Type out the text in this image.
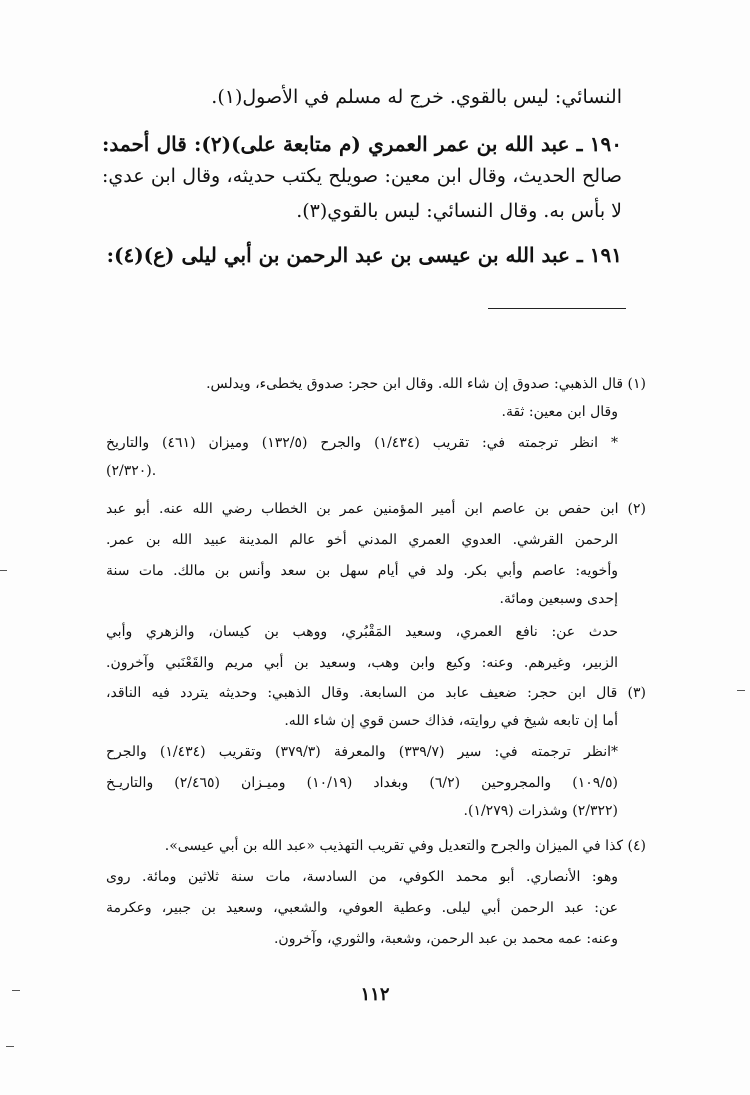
النسائي: ليس بالقوي. خرج له مسلم في الأصول(١).
١٩٠ ـ عبد الله بن عمر العمري (م متابعة على)(٢): قال أحمد:
صالح الحديث، وقال ابن معين: صويلح يكتب حديثه، وقال ابن عدي:
لا بأس به. وقال النسائي: ليس بالقوي(٣).
١٩١ ـ عبد الله بن عيسى بن عبد الرحمن بن أبي ليلى (ع)(٤):
(١) قال الذهبي: صدوق إن شاء الله. وقال ابن حجر: صدوق يخطىء، ويدلس.
وقال ابن معين: ثقة.
* انظر ترجمته في: تقريب (١/٤٣٤) والجرح (١٣٢/٥) وميزان (٤٦١) والتاريخ
(٢/٣٢٠).
(٢) ابن حفص بن عاصم ابن أمير المؤمنين عمر بن الخطاب رضي الله عنه. أبو عبد
الرحمن القرشي. العدوي العمري المدني أخو عالم المدينة عبيد الله بن عمر.
وأخويه: عاصم وأبي بكر. ولد في أيام سهل بن سعد وأنس بن مالك. مات سنة
إحدى وسبعين ومائة.
حدث عن: نافع العمري، وسعيد المَقْبُري، ووهب بن كيسان، والزهري وأبي
الزبير، وغيرهم. وعنه: وكيع وابن وهب، وسعيد بن أبي مريم والقَعْنَبي وآخرون.
(٣) قال ابن حجر: ضعيف عابد من السابعة. وقال الذهبي: وحديثه يتردد فيه الناقد،
أما إن تابعه شيخ في روايته، فذاك حسن قوي إن شاء الله.
*انظر ترجمته في: سير (٣٣٩/٧) والمعرفة (٣٧٩/٣) وتقريب (١/٤٣٤) والجرح
(١٠٩/٥) والمجروحين (٦/٢) وبغداد (١٠/١٩) وميـزان (٢/٤٦٥) والتاريـخ
(٢/٣٢٢) وشذرات (١/٢٧٩).
(٤) كذا في الميزان والجرح والتعديل وفي تقريب التهذيب «عبد الله بن أبي عيسى».
وهو: الأنصاري. أبو محمد الكوفي، من السادسة، مات سنة ثلاثين ومائة. روى
عن: عبد الرحمن أبي ليلى. وعطية العوفي، والشعبي، وسعيد بن جبير، وعكرمة
وعنه: عمه محمد بن عبد الرحمن، وشعبة، والثوري، وآخرون.
١١٢
